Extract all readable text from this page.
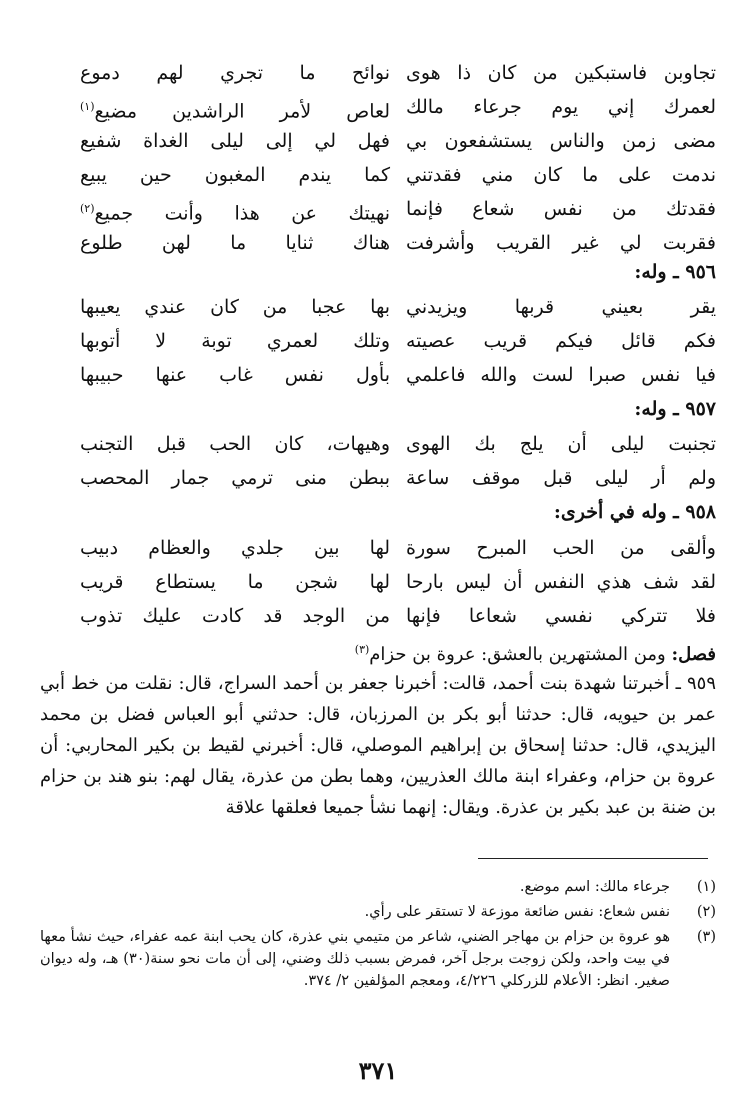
تجاوبن فاستبكين من كان ذا هوى
نوائح ما تجري لهم دموع
لعمرك إني يوم جرعاء مالك
لعاص لأمر الراشدين مضيع$^{(١)}$
مضى زمن والناس يستشفعون بي
فهل لي إلى ليلى الغداة شفيع
ندمت على ما كان مني فقدتني
كما يندم المغبون حين يبيع
فقدتك من نفس شعاع فإنما
نهيتك عن هذا وأنت جميع$^{(٢)}$
فقربت لي غير القريب وأشرفت
هناك ثنايا ما لهن طلوع
٩٥٦ ـ وله:
يقر بعيني قربها ويزيدني
بها عجبا من كان عندي يعيبها
فكم قائل فيكم قريب عصيته
وتلك لعمري توبة لا أتوبها
فيا نفس صبرا لست والله فاعلمي
بأول نفس غاب عنها حبيبها
٩٥٧ ـ وله:
تجنبت ليلى أن يلج بك الهوى
وهيهات، كان الحب قبل التجنب
ولم أر ليلى قبل موقف ساعة
ببطن منى ترمي جمار المحصب
٩٥٨ ـ وله في أخرى:
وألقى من الحب المبرح سورة
لها بين جلدي والعظام دبيب
لقد شف هذي النفس أن ليس بارحا
لها شجن ما يستطاع قريب
فلا تتركي نفسي شعاعا فإنها
من الوجد قد كادت عليك تذوب
فصل: ومن المشتهرين بالعشق: عروة بن حزام$^{(٣)}$
٩٥٩ ـ أخبرتنا شهدة بنت أحمد، قالت: أخبرنا جعفر بن أحمد السراج، قال: نقلت من خط أبي عمر بن حيويه، قال: حدثنا أبو بكر بن المرزبان، قال: حدثني أبو العباس فضل بن محمد اليزيدي، قال: حدثنا إسحاق بن إبراهيم الموصلي، قال: أخبرني لقيط بن بكير المحاربي: أن عروة بن حزام، وعفراء ابنة مالك العذريين، وهما بطن من عذرة، يقال لهم: بنو هند بن حزام بن ضنة بن عبد بكير بن عذرة. ويقال: إنهما نشأ جميعا فعلقها علاقة
(١)
جرعاء مالك: اسم موضع.
(٢)
نفس شعاع: نفس ضائعة موزعة لا تستقر على رأي.
(٣)
هو عروة بن حزام بن مهاجر الضني، شاعر من متيمي بني عذرة، كان يحب ابنة عمه عفراء، حيث نشأ معها في بيت واحد، ولكن زوجت برجل آخر، فمرض بسبب ذلك وضني، إلى أن مات نحو سنة(٣٠) هـ، وله ديوان صغير. انظر: الأعلام للزركلي ٤/٢٢٦، ومعجم المؤلفين ٢/ ٣٧٤.
٣٧١
